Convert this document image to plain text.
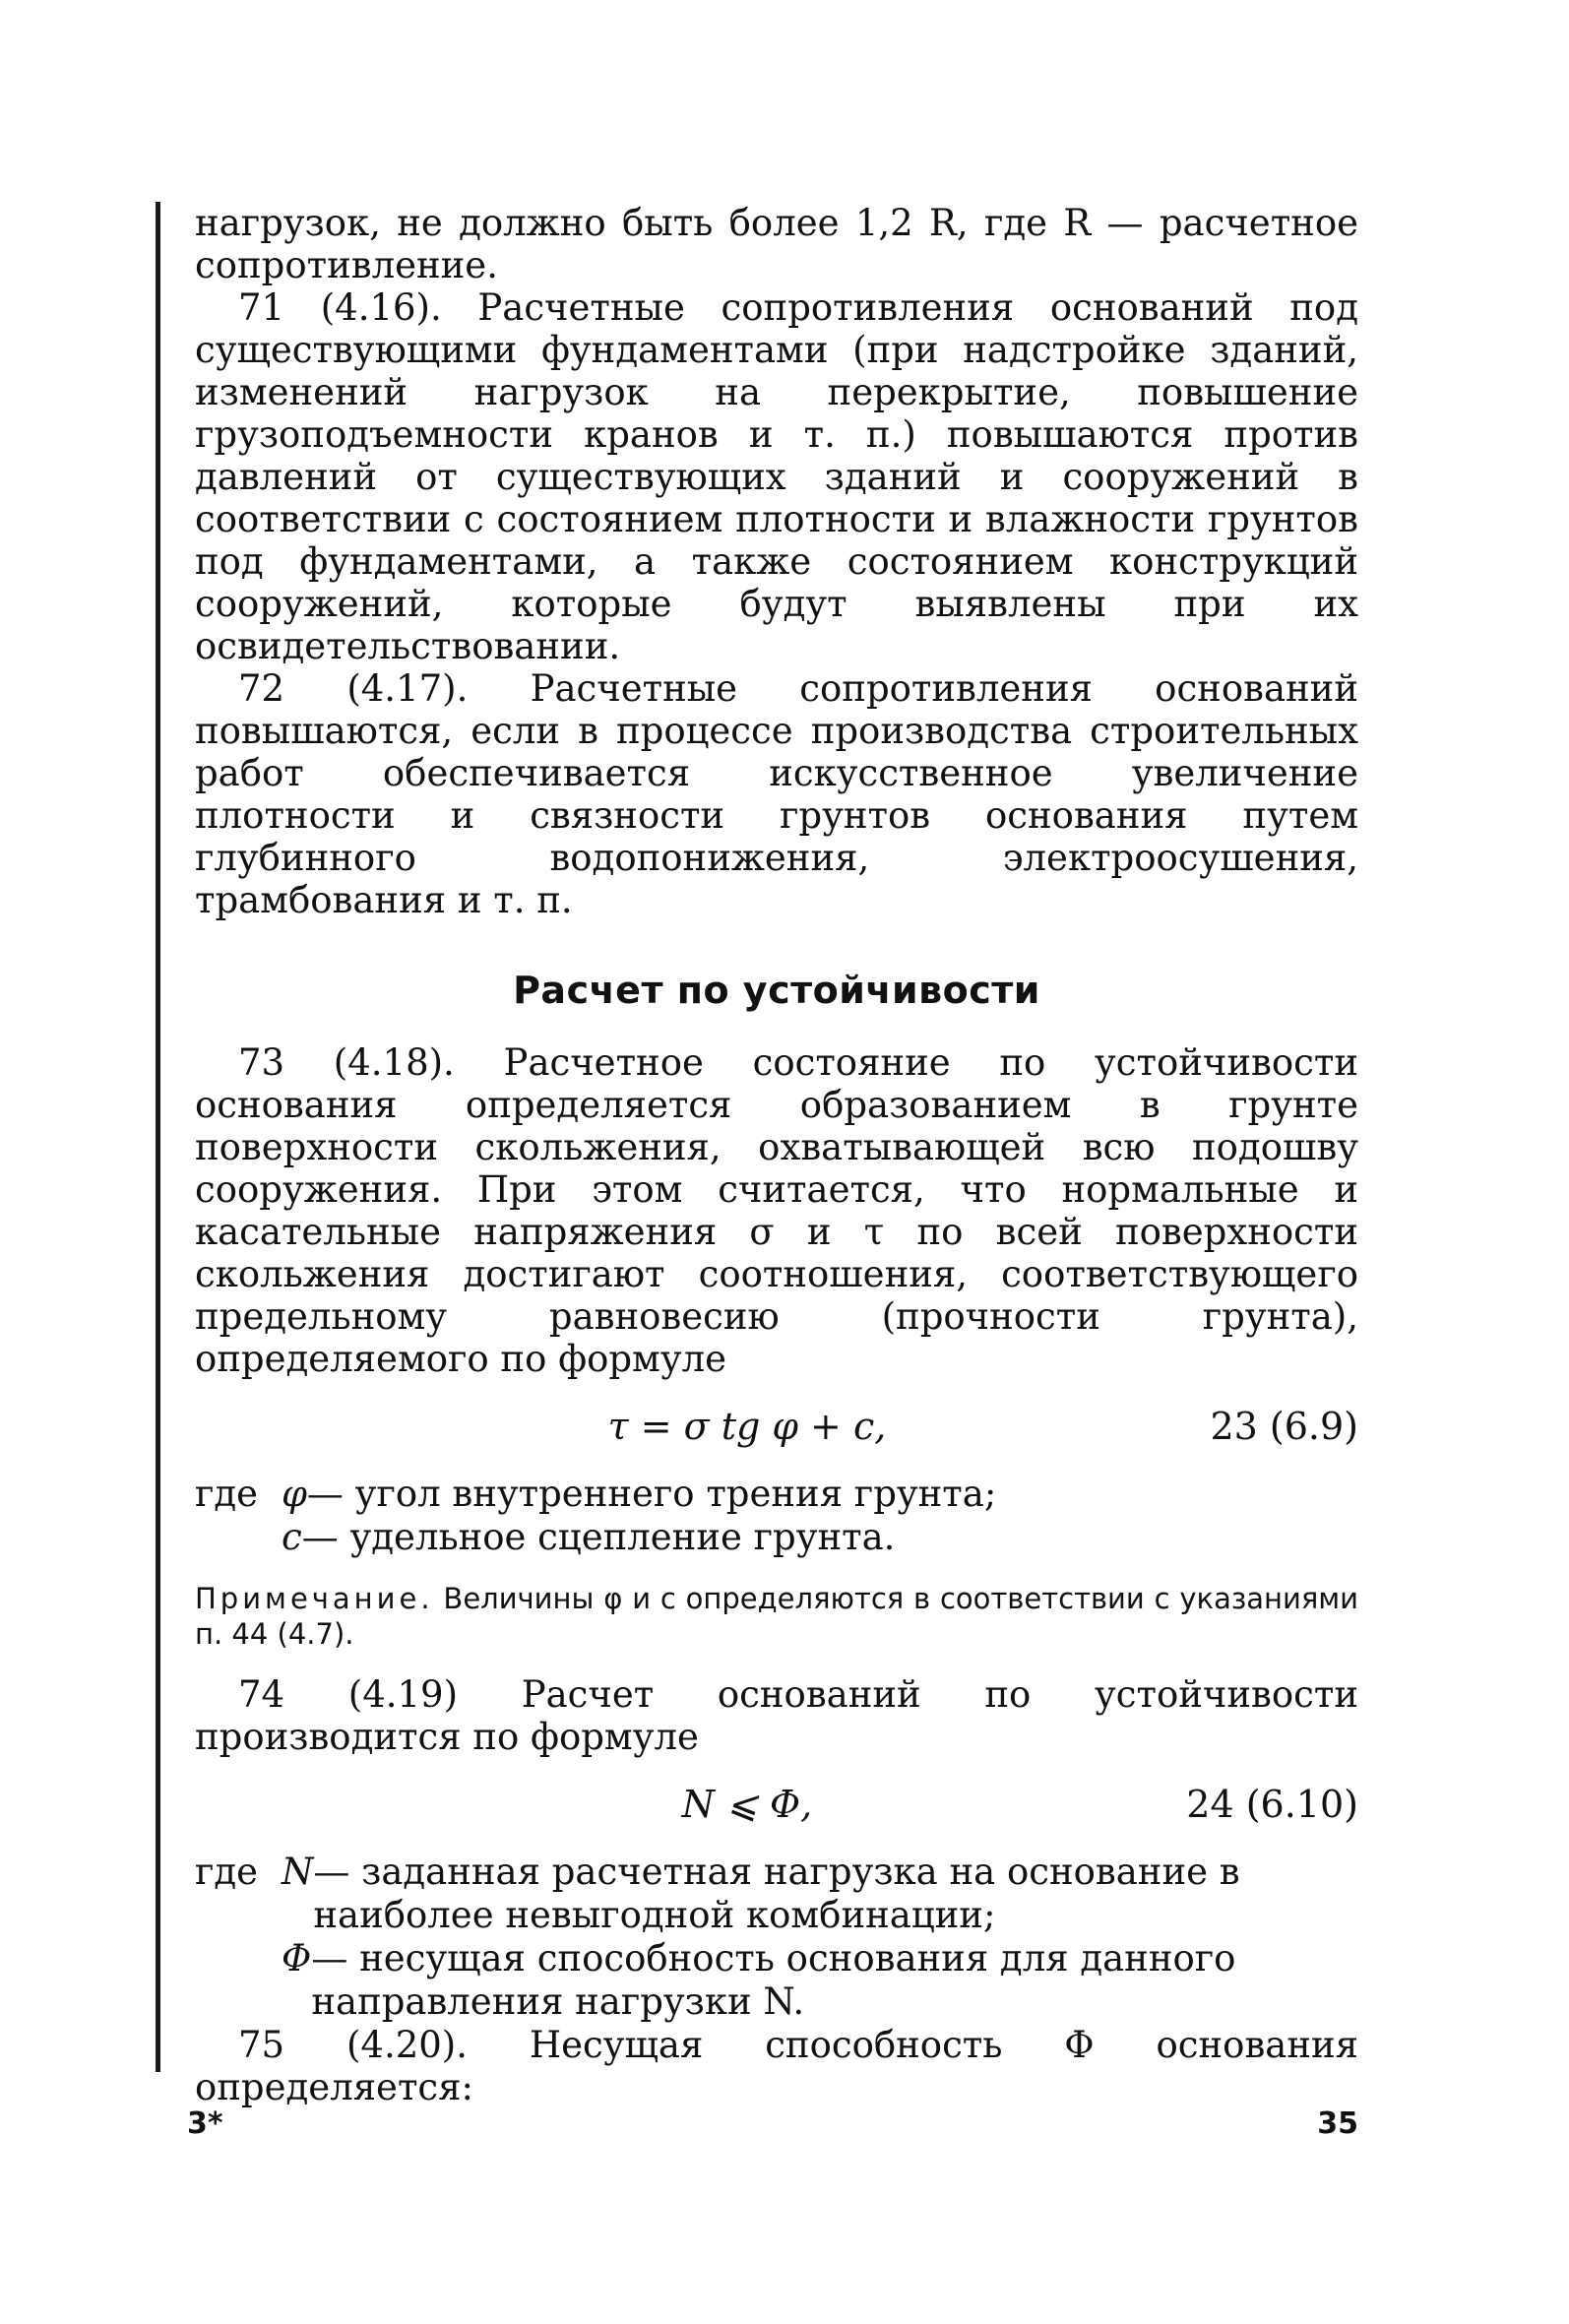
нагрузок, не должно быть более 1,2 R, где R — расчетное сопротивление.

71 (4.16). Расчетные сопротивления оснований под существующими фундаментами (при надстройке зданий, изменений нагрузок на перекрытие, повышение грузоподъемности кранов и т. п.) повышаются против давлений от существующих зданий и сооружений в соответствии с состоянием плотности и влажности грунтов под фундаментами, а также состоянием конструкций сооружений, которые будут выявлены при их освидетельствовании.

72 (4.17). Расчетные сопротивления оснований повышаются, если в процессе производства строительных работ обеспечивается искусственное увеличение плотности и связности грунтов основания путем глубинного водопонижения, электроосушения, трамбования и т. п.

Расчет по устойчивости

73 (4.18). Расчетное состояние по устойчивости основания определяется образованием в грунте поверхности скольжения, охватывающей всю подошву сооружения. При этом считается, что нормальные и касательные напряжения σ и τ по всей поверхности скольжения достигают соотношения, соответствующего предельному равновесию (прочности грунта), определяемого по формуле

τ = σ tg φ + c,	23 (6.9)
где φ — угол внутреннего трения грунта;
c — удельное сцепление грунта.

Примечание. Величины φ и c определяются в соответствии с указаниями п. 44 (4.7).

74 (4.19) Расчет оснований по устойчивости производится по формуле

N ⩽ Φ,	24 (6.10)
где N — заданная расчетная нагрузка на основание в наиболее невыгодной комбинации;
Φ — несущая способность основания для данного направления нагрузки N.

75 (4.20). Несущая способность Φ основания определяется:

3*	35
